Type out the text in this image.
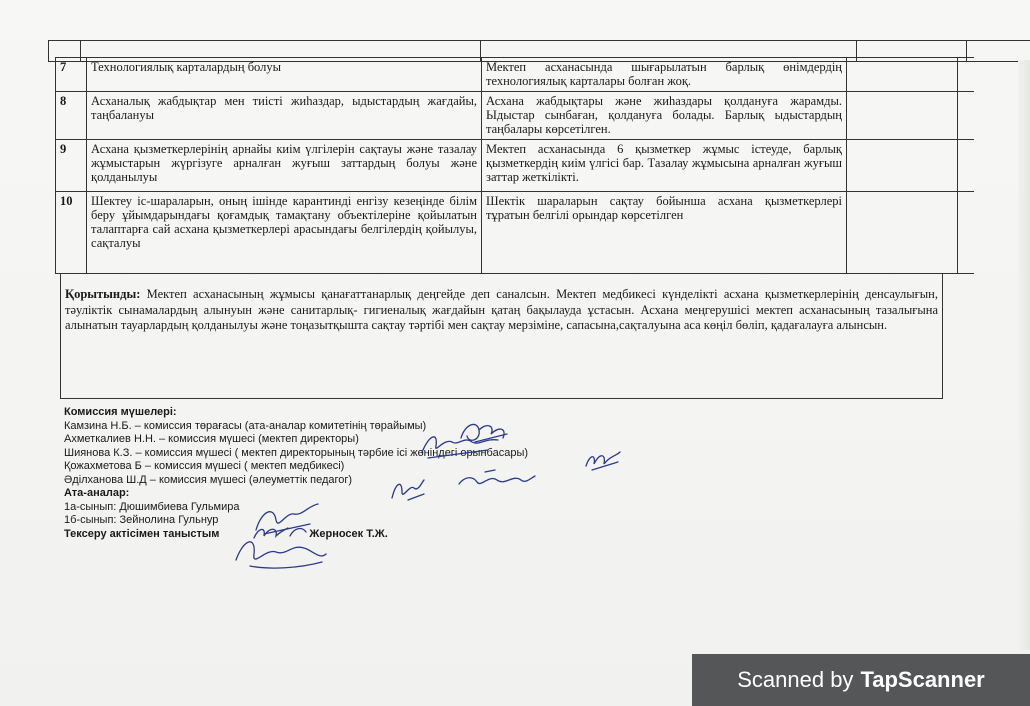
7	Технологиялық карталардың болуы	Мектеп асханасында шығарылатын барлық өнімдердің технологиялық карталары болған жоқ.		
8	Асханалық жабдықтар мен тиісті жиһаздар, ыдыстардың жағдайы, таңбалануы	Асхана жабдықтары және жиһаздары қолдануға жарамды. Ыдыстар сынбаған, қолдануға болады. Барлық ыдыстардың таңбалары көрсетілген.		
9	Асхана қызметкерлерінің арнайы киім үлгілерін сақтауы және тазалау жұмыстарын жүргізуге арналған жуғыш заттардың болуы және қолданылуы	Мектеп асханасында 6 қызметкер жұмыс істеуде, барлық қызметкердің киім үлгісі бар. Тазалау жұмысына арналған жуғыш заттар жеткілікті.		
10	Шектеу іс-шараларын, оның ішінде карантинді енгізу кезеңінде білім беру ұйымдарындағы қоғамдық тамақтану объектілеріне қойылатын талаптарға сай асхана қызметкерлері арасындағы белгілердің қойылуы, сақталуы	Шектік шараларын сақтау бойынша асхана қызметкерлері тұратын белгілі орындар көрсетілген		
Қорытынды: Мектеп асханасының жұмысы қанағаттанарлық деңгейде деп саналсын. Мектеп медбикесі күнделікті асхана қызметкерлерінің денсаулығын, тәуліктік сынамалардың алынуын және санитарлық- гигиеналық жағдайын қатаң бақылауда ұстасын. Асхана меңгерушісі мектеп асханасының тазалығына алынатын тауарлардың қолданылуы және тоңазытқышта сақтау тәртібі мен сақтау мерзіміне, сапасына,сақталуына аса көңіл бөліп, қадағалауға алынсын.
Комиссия мүшелері:
Камзина Н.Б. – комиссия төрағасы (ата-аналар комитетінің төрайымы)
Ахметкалиев Н.Н. – комиссия мүшесі (мектеп директоры)
Шиянова К.З. – комиссия мүшесі ( мектеп директорының тәрбие ісі жөніндегі орынбасары)
Қожахметова Б – комиссия мүшесі ( мектеп медбикесі)
Әділханова Ш.Д – комиссия мүшесі (әлеуметтік педагог)
Ата-аналар:
1а-сынып: Дюшимбиева Гульмира
1б-сынып: Зейнолина Гульнур
Тексеру актісімен таныстым	Жерносек Т.Ж.
Scanned by TapScanner
